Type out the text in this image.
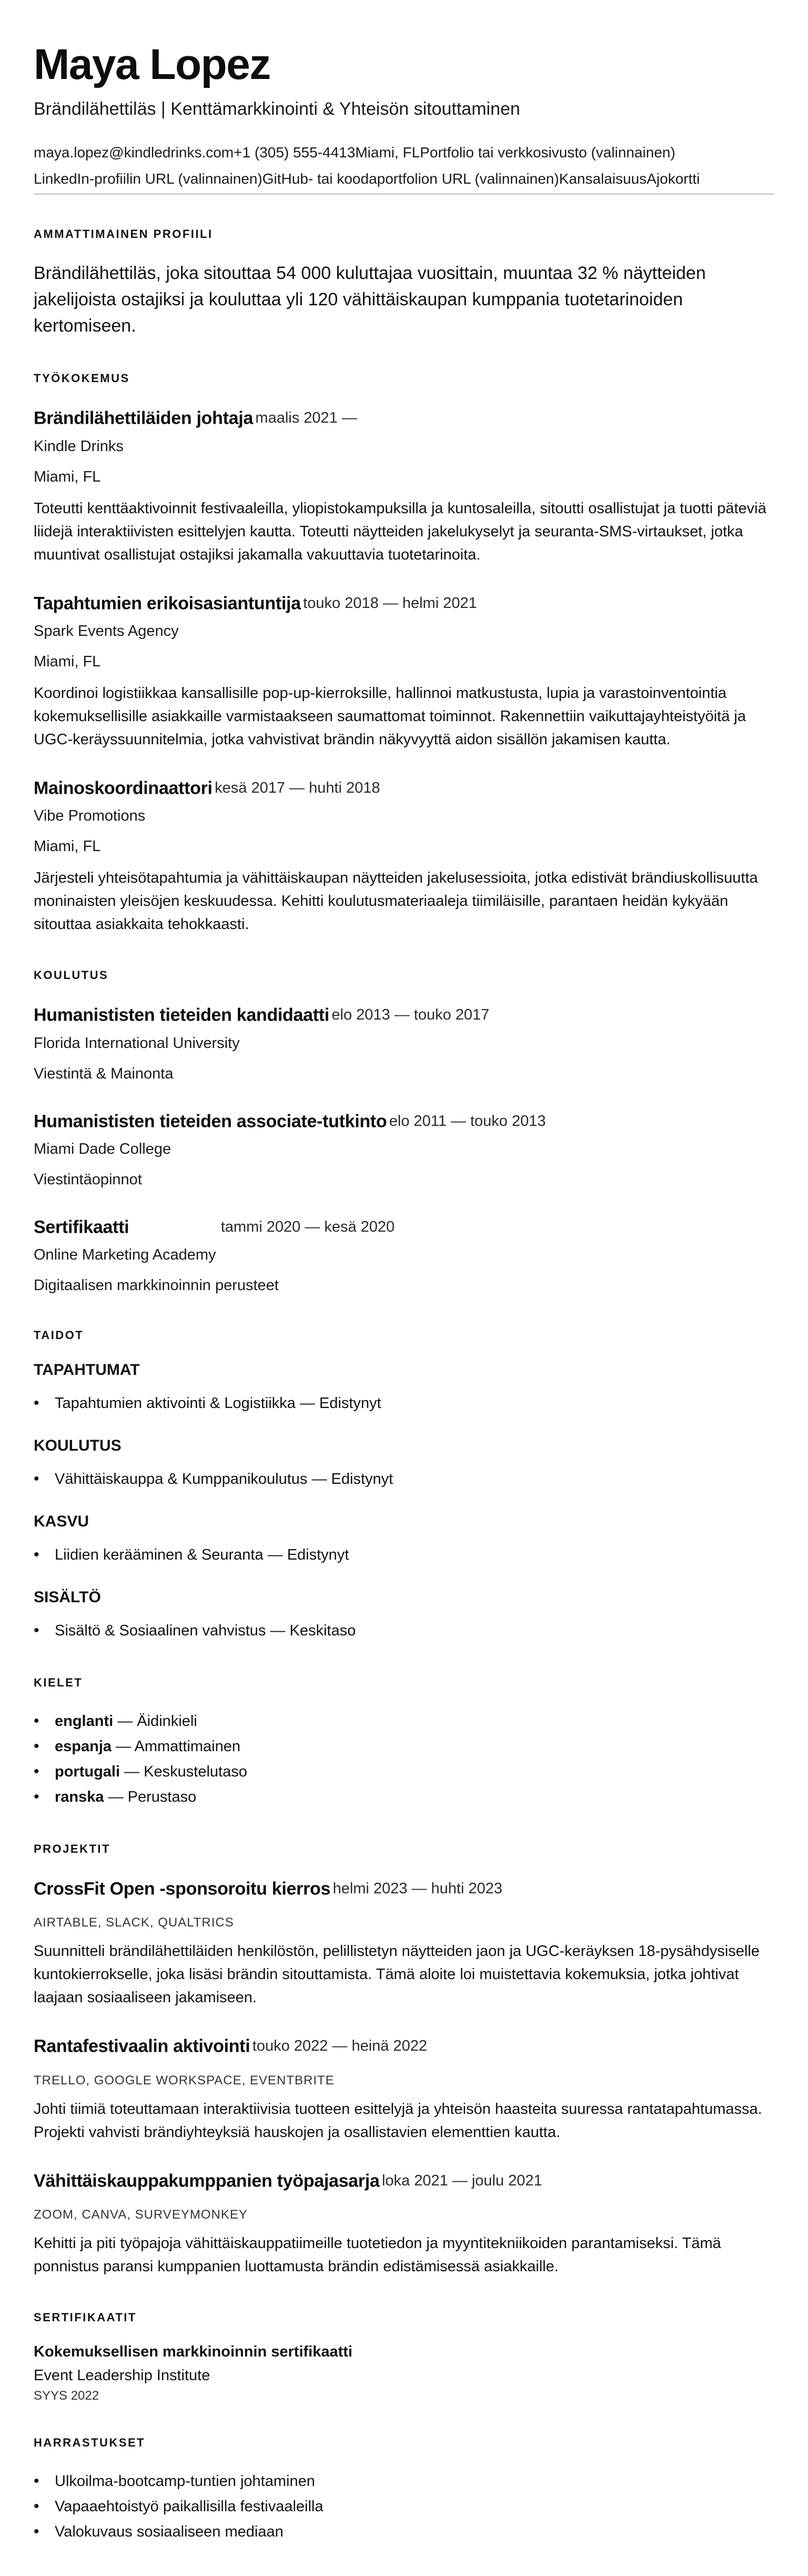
Maya Lopez
Brändilähettiläs | Kenttämarkkinointi & Yhteisön sitouttaminen
maya.lopez@kindledrinks.com+1 (305) 555-4413Miami, FLPortfolio tai verkkosivusto (valinnainen)
LinkedIn-profiilin URL (valinnainen)GitHub- tai koodaportfolion URL (valinnainen)KansalaisuusAjokortti
AMMATTIMAINEN PROFIILI

Brändilähettiläs, joka sitouttaa 54 000 kuluttajaa vuosittain, muuntaa 32 % näytteiden jakelijoista ostajiksi ja kouluttaa yli 120 vähittäiskaupan kumppania tuotetarinoiden kertomiseen.

TYÖKOKEMUS
Brändilähettiläiden johtaja maalis 2021 —
Kindle Drinks
Miami, FL
Toteutti kenttäaktivoinnit festivaaleilla, yliopistokampuksilla ja kuntosaleilla, sitoutti osallistujat ja tuotti päteviä liidejä interaktiivisten esittelyjen kautta. Toteutti näytteiden jakelukyselyt ja seuranta-SMS-virtaukset, jotka muuntivat osallistujat ostajiksi jakamalla vakuuttavia tuotetarinoita.
Tapahtumien erikoisasiantuntija touko 2018 — helmi 2021
Spark Events Agency
Miami, FL
Koordinoi logistiikkaa kansallisille pop-up-kierroksille, hallinnoi matkustusta, lupia ja varastoinventointia kokemuksellisille asiakkaille varmistaakseen saumattomat toiminnot. Rakennettiin vaikuttajayhteistyöitä ja UGC-keräyssuunnitelmia, jotka vahvistivat brändin näkyvyyttä aidon sisällön jakamisen kautta.
Mainoskoordinaattori kesä 2017 — huhti 2018
Vibe Promotions
Miami, FL
Järjesteli yhteisötapahtumia ja vähittäiskaupan näytteiden jakelusessioita, jotka edistivät brändiuskollisuutta moninaisten yleisöjen keskuudessa. Kehitti koulutusmateriaaleja tiimiläisille, parantaen heidän kykyään sitouttaa asiakkaita tehokkaasti.
KOULUTUS
Humanististen tieteiden kandidaatti elo 2013 — touko 2017
Florida International University
Viestintä & Mainonta
Humanististen tieteiden associate-tutkinto elo 2011 — touko 2013
Miami Dade College
Viestintäopinnot
Sertifikaatti	tammi 2020 — kesä 2020
Online Marketing Academy
Digitaalisen markkinoinnin perusteet
TAIDOT
TAPAHTUMAT
• Tapahtumien aktivointi & Logistiikka — Edistynyt
KOULUTUS
• Vähittäiskauppa & Kumppanikoulutus — Edistynyt
KASVU
• Liidien kerääminen & Seuranta — Edistynyt
SISÄLTÖ
• Sisältö & Sosiaalinen vahvistus — Keskitaso
KIELET
• englanti — Äidinkieli
• espanja — Ammattimainen
• portugali — Keskustelutaso
• ranska — Perustaso
PROJEKTIT
CrossFit Open -sponsoroitu kierros helmi 2023 — huhti 2023
AIRTABLE, SLACK, QUALTRICS
Suunnitteli brändilähettiläiden henkilöstön, pelillistetyn näytteiden jaon ja UGC-keräyksen 18-pysähdysiselle kuntokierrokselle, joka lisäsi brändin sitouttamista. Tämä aloite loi muistettavia kokemuksia, jotka johtivat laajaan sosiaaliseen jakamiseen.
Rantafestivaalin aktivointi touko 2022 — heinä 2022
TRELLO, GOOGLE WORKSPACE, EVENTBRITE
Johti tiimiä toteuttamaan interaktiivisia tuotteen esittelyjä ja yhteisön haasteita suuressa rantatapahtumassa. Projekti vahvisti brändiyhteyksiä hauskojen ja osallistavien elementtien kautta.
Vähittäiskauppakumppanien työpajasarja loka 2021 — joulu 2021
ZOOM, CANVA, SURVEYMONKEY
Kehitti ja piti työpajoja vähittäiskauppatiimeille tuotetiedon ja myyntitekniikoiden parantamiseksi. Tämä ponnistus paransi kumppanien luottamusta brändin edistämisessä asiakkaille.
SERTIFIKAATIT
Kokemuksellisen markkinoinnin sertifikaatti
Event Leadership Institute
SYYS 2022
HARRASTUKSET
• Ulkoilma-bootcamp-tuntien johtaminen
• Vapaaehtoistyö paikallisilla festivaaleilla
• Valokuvaus sosiaaliseen mediaan
